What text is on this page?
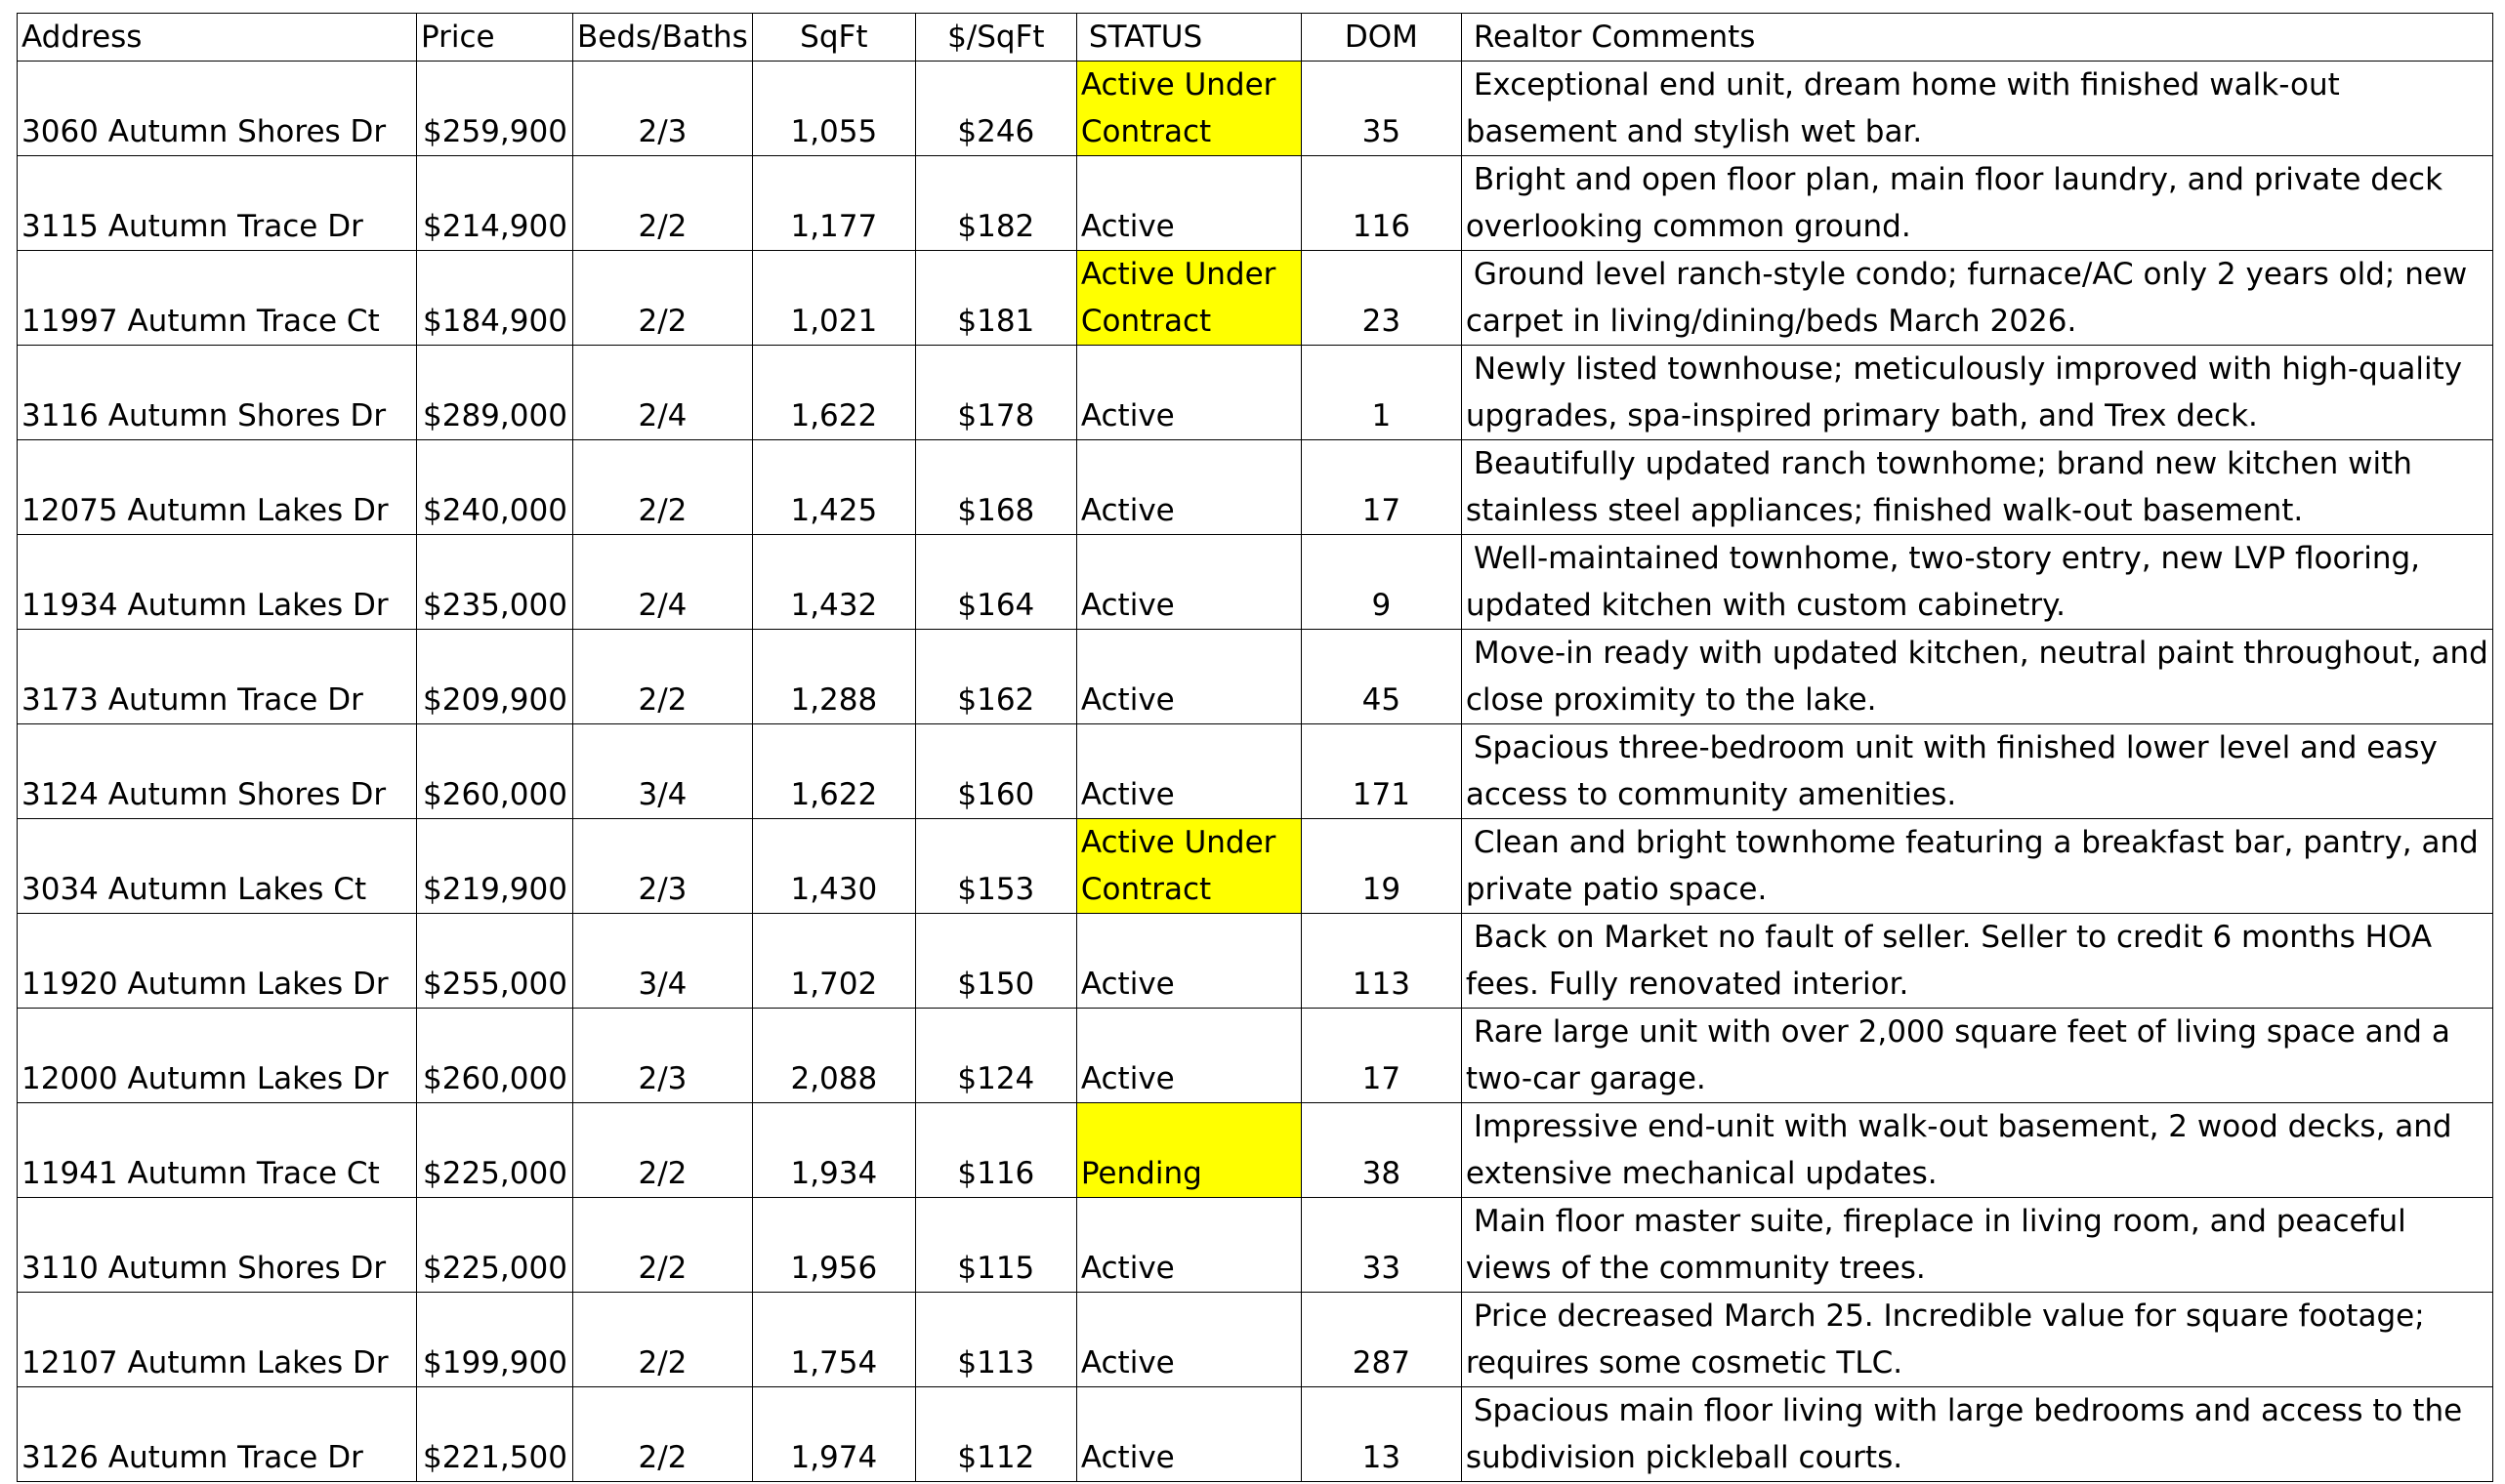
Address	Price	Beds/Baths	SqFt	$/SqFt	STATUS	DOM	Realtor Comments
3060 Autumn Shores Dr	$259,900	2/3	1,055	$246	Active Under Contract	35	Exceptional end unit, dream home with finished walk-out basement and stylish wet bar.

3115 Autumn Trace Dr	$214,900	2/2	1,177	$182	Active	116	Bright and open floor plan, main floor laundry, and private deck overlooking common ground.

11997 Autumn Trace Ct	$184,900	2/2	1,021	$181	Active Under Contract	23	Ground level ranch-style condo; furnace/AC only 2 years old; new carpet in living/dining/beds March 2026.

3116 Autumn Shores Dr	$289,000	2/4	1,622	$178	Active	1	Newly listed townhouse; meticulously improved with high-quality upgrades, spa-inspired primary bath, and Trex deck.

12075 Autumn Lakes Dr	$240,000	2/2	1,425	$168	Active	17	Beautifully updated ranch townhome; brand new kitchen with stainless steel appliances; finished walk-out basement.

11934 Autumn Lakes Dr	$235,000	2/4	1,432	$164	Active	9	Well-maintained townhome, two-story entry, new LVP flooring, updated kitchen with custom cabinetry.

3173 Autumn Trace Dr	$209,900	2/2	1,288	$162	Active	45	Move-in ready with updated kitchen, neutral paint throughout, and close proximity to the lake.

3124 Autumn Shores Dr	$260,000	3/4	1,622	$160	Active	171	Spacious three-bedroom unit with finished lower level and easy access to community amenities.

3034 Autumn Lakes Ct	$219,900	2/3	1,430	$153	Active Under Contract	19	Clean and bright townhome featuring a breakfast bar, pantry, and private patio space.

11920 Autumn Lakes Dr	$255,000	3/4	1,702	$150	Active	113	Back on Market no fault of seller. Seller to credit 6 months HOA fees. Fully renovated interior.

12000 Autumn Lakes Dr	$260,000	2/3	2,088	$124	Active	17	Rare large unit with over 2,000 square feet of living space and a two-car garage.

11941 Autumn Trace Ct	$225,000	2/2	1,934	$116	Pending	38	Impressive end-unit with walk-out basement, 2 wood decks, and extensive mechanical updates.

3110 Autumn Shores Dr	$225,000	2/2	1,956	$115	Active	33	Main floor master suite, fireplace in living room, and peaceful views of the community trees.

12107 Autumn Lakes Dr	$199,900	2/2	1,754	$113	Active	287	Price decreased March 25. Incredible value for square footage; requires some cosmetic TLC.

3126 Autumn Trace Dr	$221,500	2/2	1,974	$112	Active	13	Spacious main floor living with large bedrooms and access to the subdivision pickleball courts.
